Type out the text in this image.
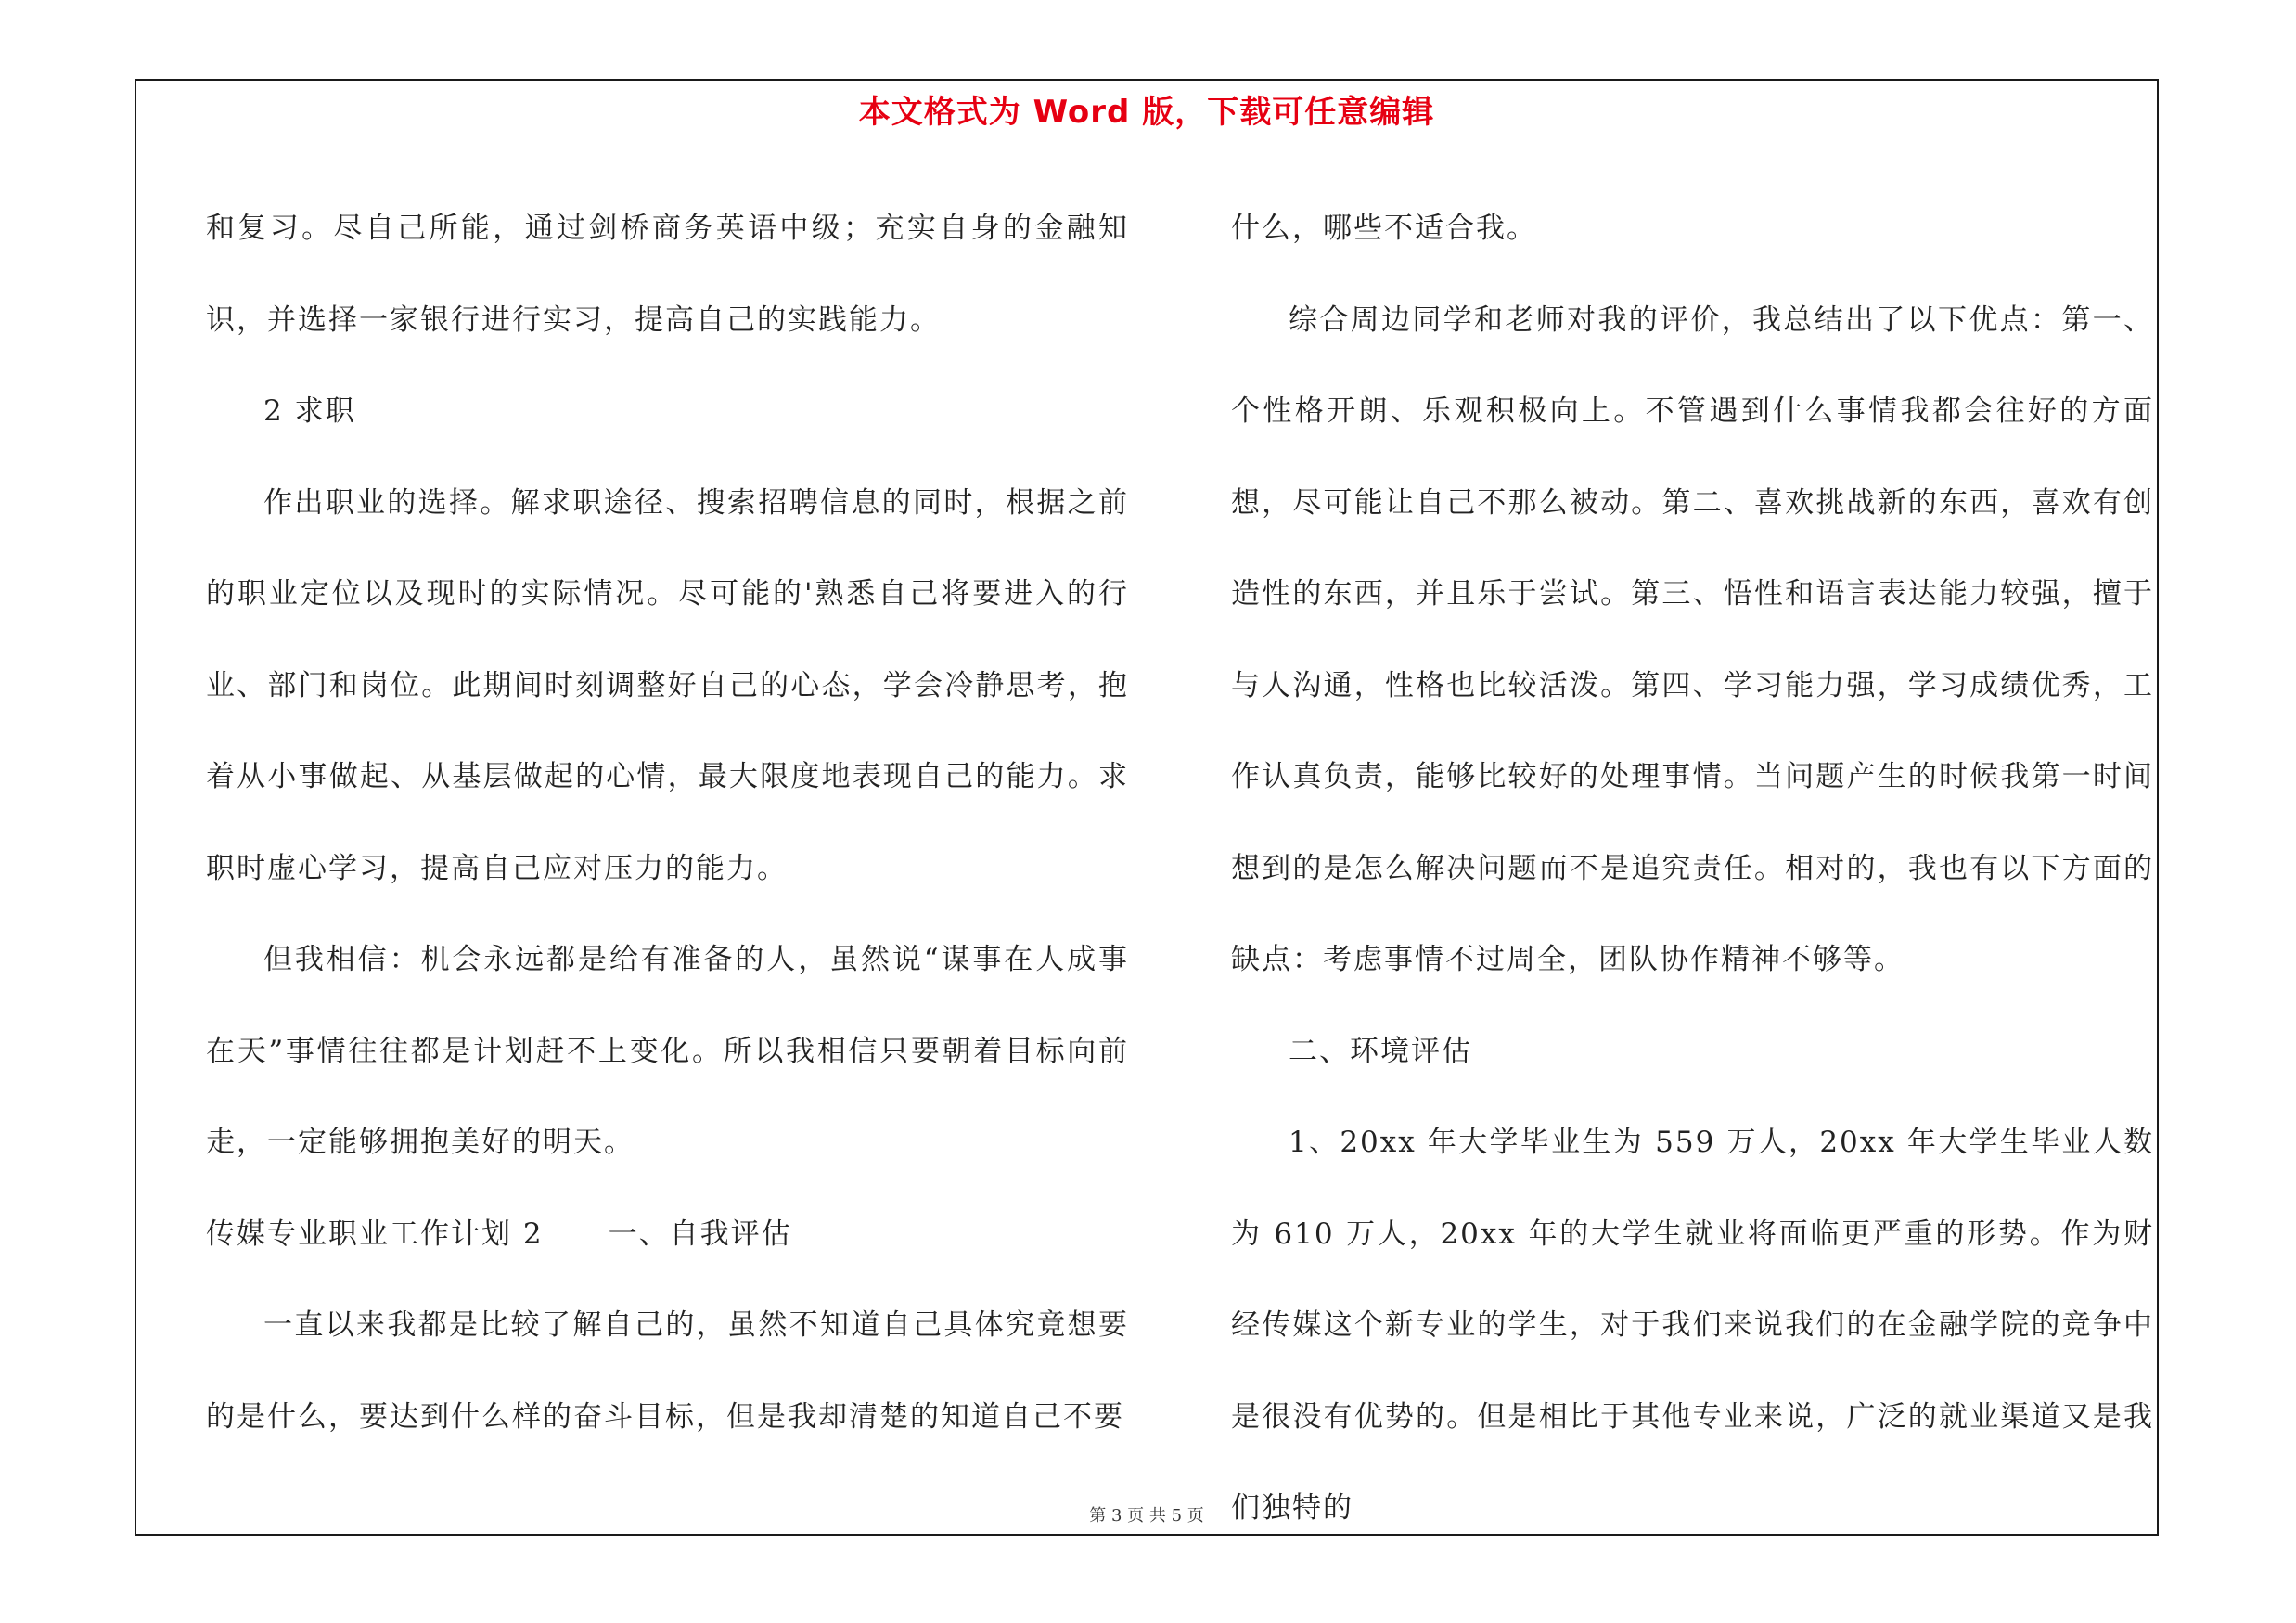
本文格式为 Word 版，下载可任意编辑

和复习。尽自己所能，通过剑桥商务英语中级；充实自身的金融知识，并选择一家银行进行实习，提高自己的实践能力。

2 求职

作出职业的选择。解求职途径、搜索招聘信息的同时，根据之前的职业定位以及现时的实际情况。尽可能的'熟悉自己将要进入的行业、部门和岗位。此期间时刻调整好自己的心态，学会冷静思考，抱着从小事做起、从基层做起的心情，最大限度地表现自己的能力。求职时虚心学习，提高自己应对压力的能力。

但我相信：机会永远都是给有准备的人，虽然说“谋事在人成事在天”事情往往都是计划赶不上变化。所以我相信只要朝着目标向前走，一定能够拥抱美好的明天。

传媒专业职业工作计划 2 一、自我评估

一直以来我都是比较了解自己的，虽然不知道自己具体究竟想要的是什么，要达到什么样的奋斗目标，但是我却清楚的知道自己不要

什么，哪些不适合我。

综合周边同学和老师对我的评价，我总结出了以下优点：第一、个性格开朗、乐观积极向上。不管遇到什么事情我都会往好的方面想，尽可能让自己不那么被动。第二、喜欢挑战新的东西，喜欢有创造性的东西，并且乐于尝试。第三、悟性和语言表达能力较强，擅于与人沟通，性格也比较活泼。第四、学习能力强，学习成绩优秀，工作认真负责，能够比较好的处理事情。当问题产生的时候我第一时间想到的是怎么解决问题而不是追究责任。相对的，我也有以下方面的缺点：考虑事情不过周全，团队协作精神不够等。

二、环境评估

1、20xx 年大学毕业生为 559 万人，20xx 年大学生毕业人数为 610 万人，20xx 年的大学生就业将面临更严重的形势。作为财经传媒这个新专业的学生，对于我们来说我们的在金融学院的竞争中是很没有优势的。但是相比于其他专业来说，广泛的就业渠道又是我们独特的

第 3 页 共 5 页
